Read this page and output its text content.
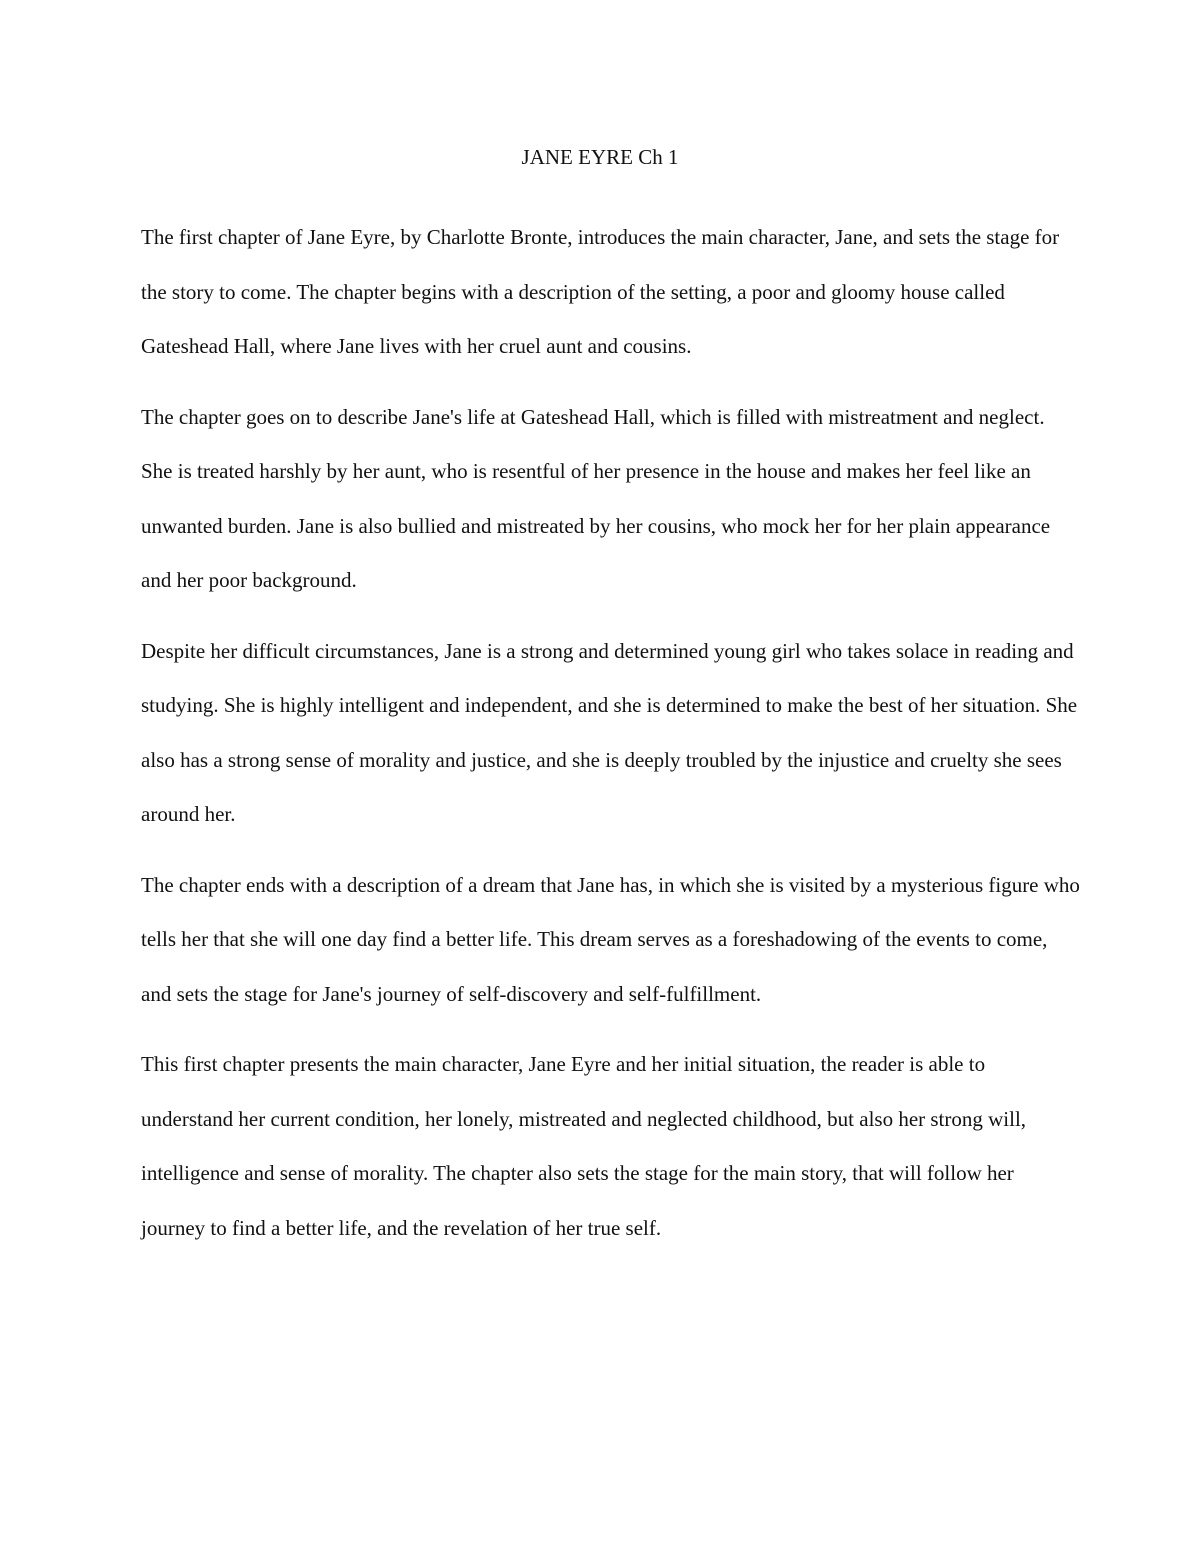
JANE EYRE Ch 1

The first chapter of Jane Eyre, by Charlotte Bronte, introduces the main character, Jane, and sets the stage for the story to come. The chapter begins with a description of the setting, a poor and gloomy house called Gateshead Hall, where Jane lives with her cruel aunt and cousins.

The chapter goes on to describe Jane's life at Gateshead Hall, which is filled with mistreatment and neglect. She is treated harshly by her aunt, who is resentful of her presence in the house and makes her feel like an unwanted burden. Jane is also bullied and mistreated by her cousins, who mock her for her plain appearance and her poor background.

Despite her difficult circumstances, Jane is a strong and determined young girl who takes solace in reading and studying. She is highly intelligent and independent, and she is determined to make the best of her situation. She also has a strong sense of morality and justice, and she is deeply troubled by the injustice and cruelty she sees around her.

The chapter ends with a description of a dream that Jane has, in which she is visited by a mysterious figure who tells her that she will one day find a better life. This dream serves as a foreshadowing of the events to come, and sets the stage for Jane's journey of self-discovery and self-fulfillment.

This first chapter presents the main character, Jane Eyre and her initial situation, the reader is able to understand her current condition, her lonely, mistreated and neglected childhood, but also her strong will, intelligence and sense of morality. The chapter also sets the stage for the main story, that will follow her journey to find a better life, and the revelation of her true self.
